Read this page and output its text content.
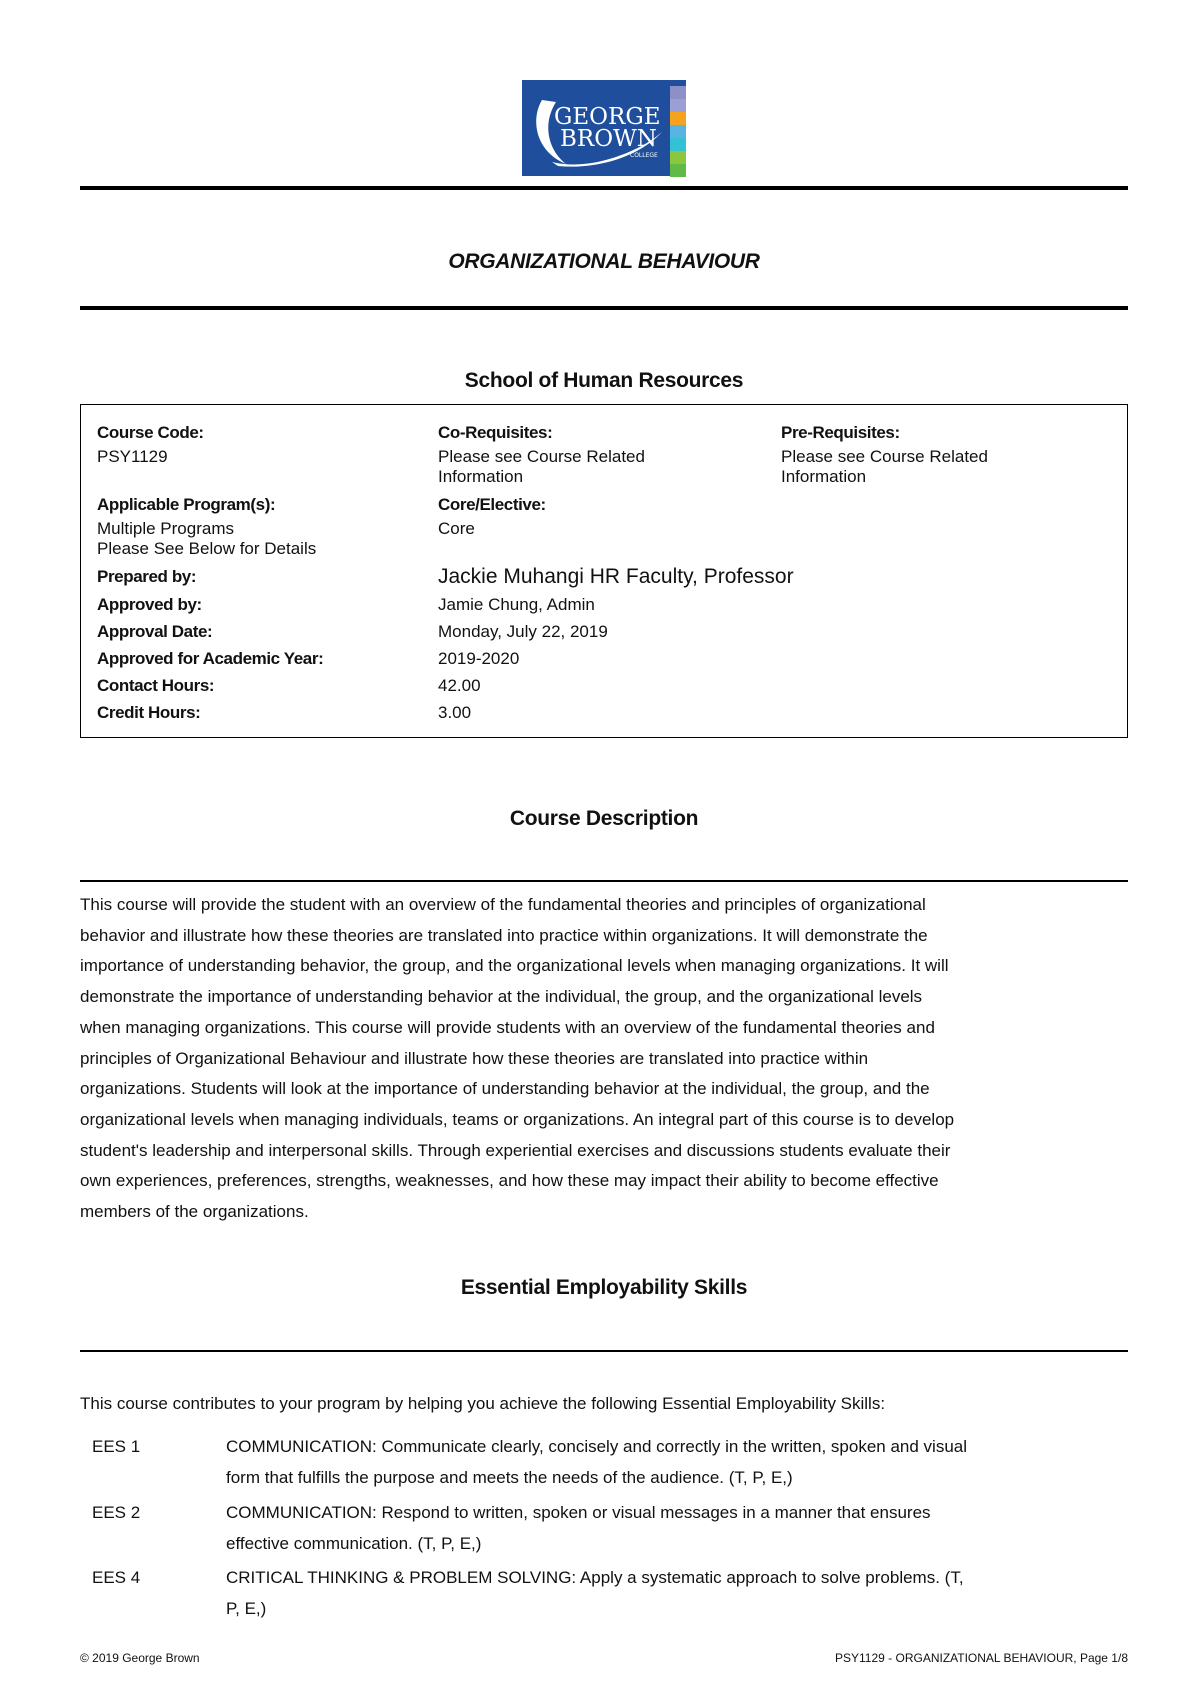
GEORGE
BROWN
COLLEGE
ORGANIZATIONAL BEHAVIOUR
School of Human Resources
Course Code:
PSY1129
Co-Requisites:
Please see Course Related
Information
Pre-Requisites:
Please see Course Related
Information
Applicable Program(s):
Multiple Programs
Please See Below for Details
Core/Elective:
Core
Prepared by:	Jackie Muhangi HR Faculty, Professor
Approved by:	Jamie Chung, Admin
Approval Date:	Monday, July 22, 2019
Approved for Academic Year:	2019-2020
Contact Hours:	42.00
Credit Hours:	3.00
Course Description
This course will provide the student with an overview of the fundamental theories and principles of organizational
behavior and illustrate how these theories are translated into practice within organizations. It will demonstrate the
importance of understanding behavior, the group, and the organizational levels when managing organizations. It will
demonstrate the importance of understanding behavior at the individual, the group, and the organizational levels
when managing organizations. This course will provide students with an overview of the fundamental theories and
principles of Organizational Behaviour and illustrate how these theories are translated into practice within
organizations. Students will look at the importance of understanding behavior at the individual, the group, and the
organizational levels when managing individuals, teams or organizations. An integral part of this course is to develop
student's leadership and interpersonal skills. Through experiential exercises and discussions students evaluate their
own experiences, preferences, strengths, weaknesses, and how these may impact their ability to become effective
members of the organizations.
Essential Employability Skills
This course contributes to your program by helping you achieve the following Essential Employability Skills:
EES 1	COMMUNICATION: Communicate clearly, concisely and correctly in the written, spoken and visual
form that fulfills the purpose and meets the needs of the audience. (T, P, E,)
EES 2	COMMUNICATION: Respond to written, spoken or visual messages in a manner that ensures
effective communication. (T, P, E,)
EES 4	CRITICAL THINKING & PROBLEM SOLVING: Apply a systematic approach to solve problems. (T,
P, E,)
© 2019 George Brown	PSY1129 - ORGANIZATIONAL BEHAVIOUR, Page 1/8
